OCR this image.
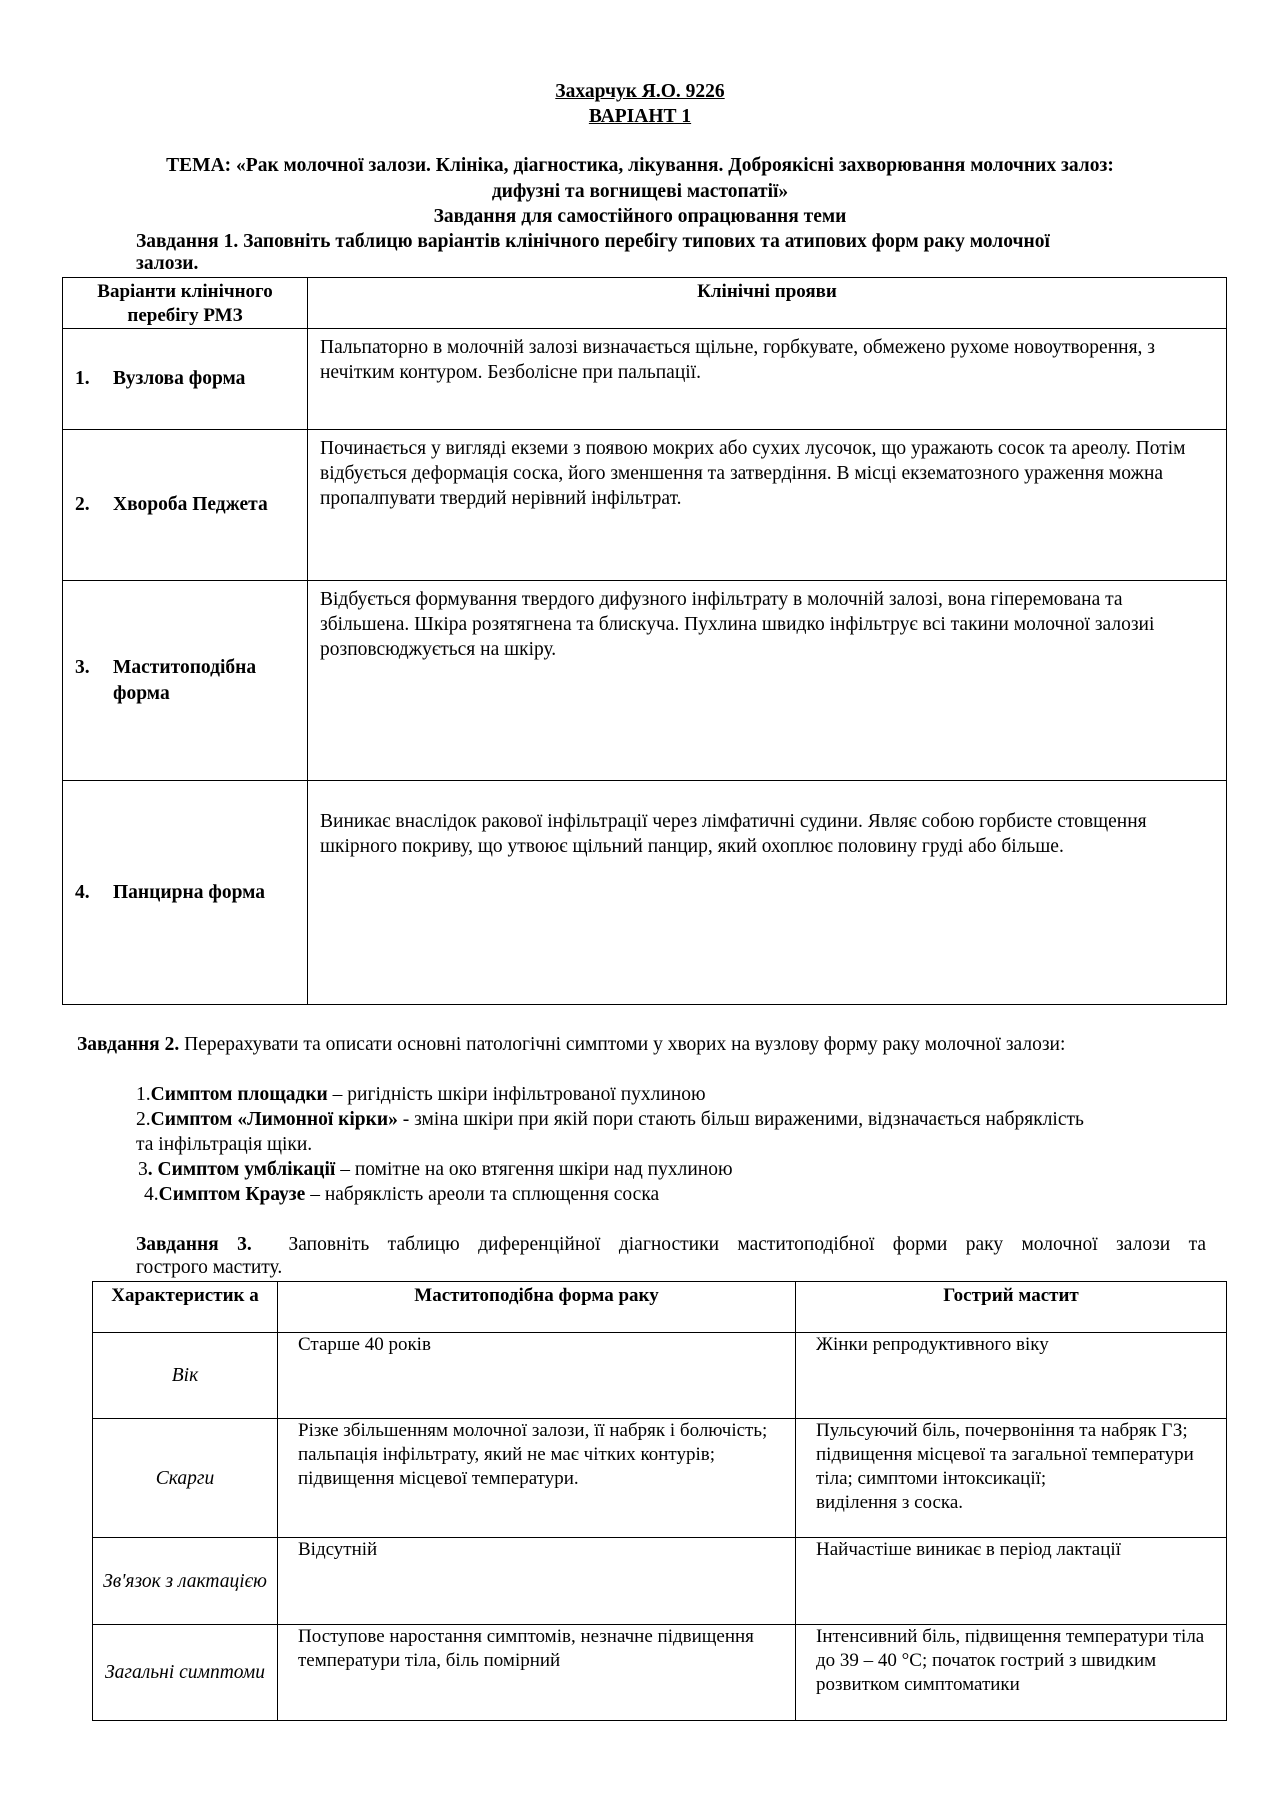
Захарчук Я.О. 9226
ВАРІАНТ 1
ТЕМА: «Рак молочної залози. Клініка, діагностика, лікування. Доброякісні захворювання молочних залоз:
дифузні та вогнищеві мастопатії»
Завдання для самостійного опрацювання теми
Завдання 1. Заповніть таблицю варіантів клінічного перебігу типових та атипових форм раку молочної
залози.
Варіанти клінічного перебігу РМЗ	Клінічні прояви
1. Вузлова форма	Пальпаторно в молочній залозі визначається щільне, горбкувате, обмежено рухоме новоутворення, з нечітким контуром. Безболісне при пальпації.
2. Хвороба Педжета	Починається у вигляді екземи з появою мокрих або сухих лусочок, що уражають сосок та ареолу. Потім відбується деформація соска, його зменшення та затвердіння. В місці екзематозного ураження можна пропалпувати твердий нерівний інфільтрат.
3. Маститоподібна форма	Відбується формування твердого дифузного інфільтрату в молочній залозі, вона гіперемована та збільшена. Шкіра розятягнена та блискуча. Пухлина швидко інфільтрує всі такини молочної залозиі розповсюджується на шкіру.
4. Панцирна форма	Виникає внаслідок ракової інфільтрації через лімфатичні судини. Являє собою горбисте стовщення шкірного покриву, що утвоює щільний панцир, який охоплює половину груді або більше.
Завдання 2. Перерахувати та описати основні патологічні симптоми у хворих на вузлову форму раку молочної залози:
1.Симптом площадки – ригідність шкіри інфільтрованої пухлиною
2.Симптом «Лимонної кірки» - зміна шкіри при якій пори стають більш вираженими, відзначається набряклість
та інфільтрація щіки.
3. Симптом умблікації – помітне на око втягення шкіри над пухлиною
4.Симптом Краузе – набряклість ареоли та сплющення соска
Завдання 3. Заповніть таблицю диференційної діагностики маститоподібної форми раку молочної залози та
гострого маститу.
Характеристик а	Маститоподібна форма раку	Гострий мастит
Вік	Старше 40 років	Жінки репродуктивного віку
Скарги	Різке збільшенням молочної залози, її набряк і болючість; пальпація інфільтрату, який не має чітких контурів; підвищення місцевої температури.	Пульсуючий біль, почервоніння та набряк ГЗ; підвищення місцевої та загальної температури тіла; симптоми інтоксикації;
виділення з соска.

Зв'язок з лактацією	Відсутній	Найчастіше виникає в період лактації
Загальні симптоми	Поступове наростання симптомів, незначне підвищення температури тіла, біль помірний	Інтенсивний біль, підвищення температури тіла до 39 – 40 °С; початок гострий з швидким розвитком симптоматики
